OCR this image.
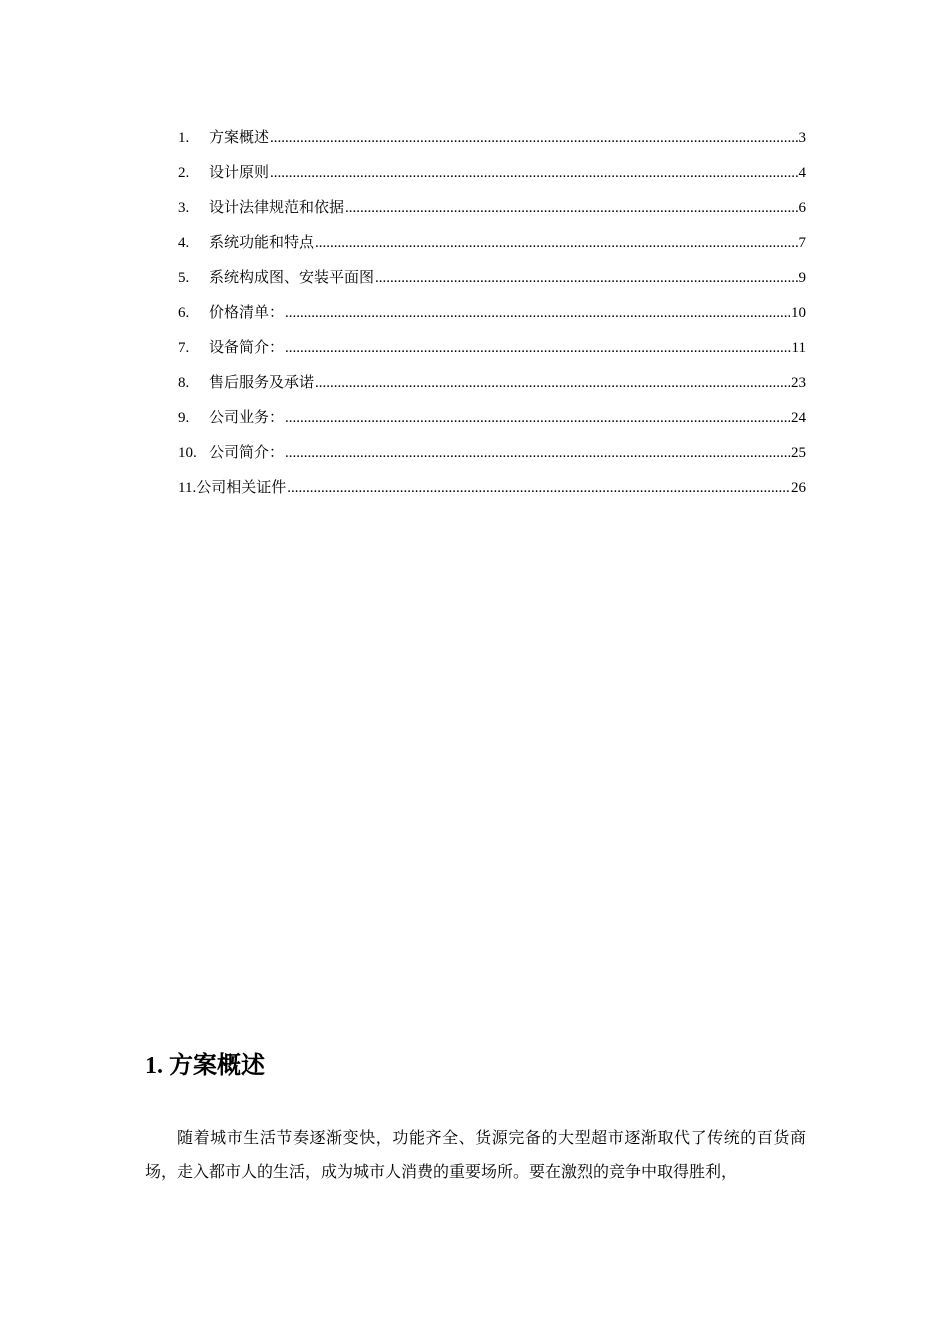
1.	方案概述 .....	3
2.	设计原则 .....	4
3.	设计法律规范和依据 .....	6
4.	系统功能和特点 .....	7
5.	系统构成图、安装平面图 .....	9
6.	价格清单： .....	10
7.	设备简介： .....	11
8.	售后服务及承诺 .....	23
9.	公司业务： .....	24
10. 公司简介： .....	25
11. 公司相关证件 .....	26
1. 方案概述

随着城市生活节奏逐渐变快，功能齐全、货源完备的大型超市逐渐取代了传统的百货商场，走入都市人的生活，成为城市人消费的重要场所。要在激烈的竞争中取得胜利，
